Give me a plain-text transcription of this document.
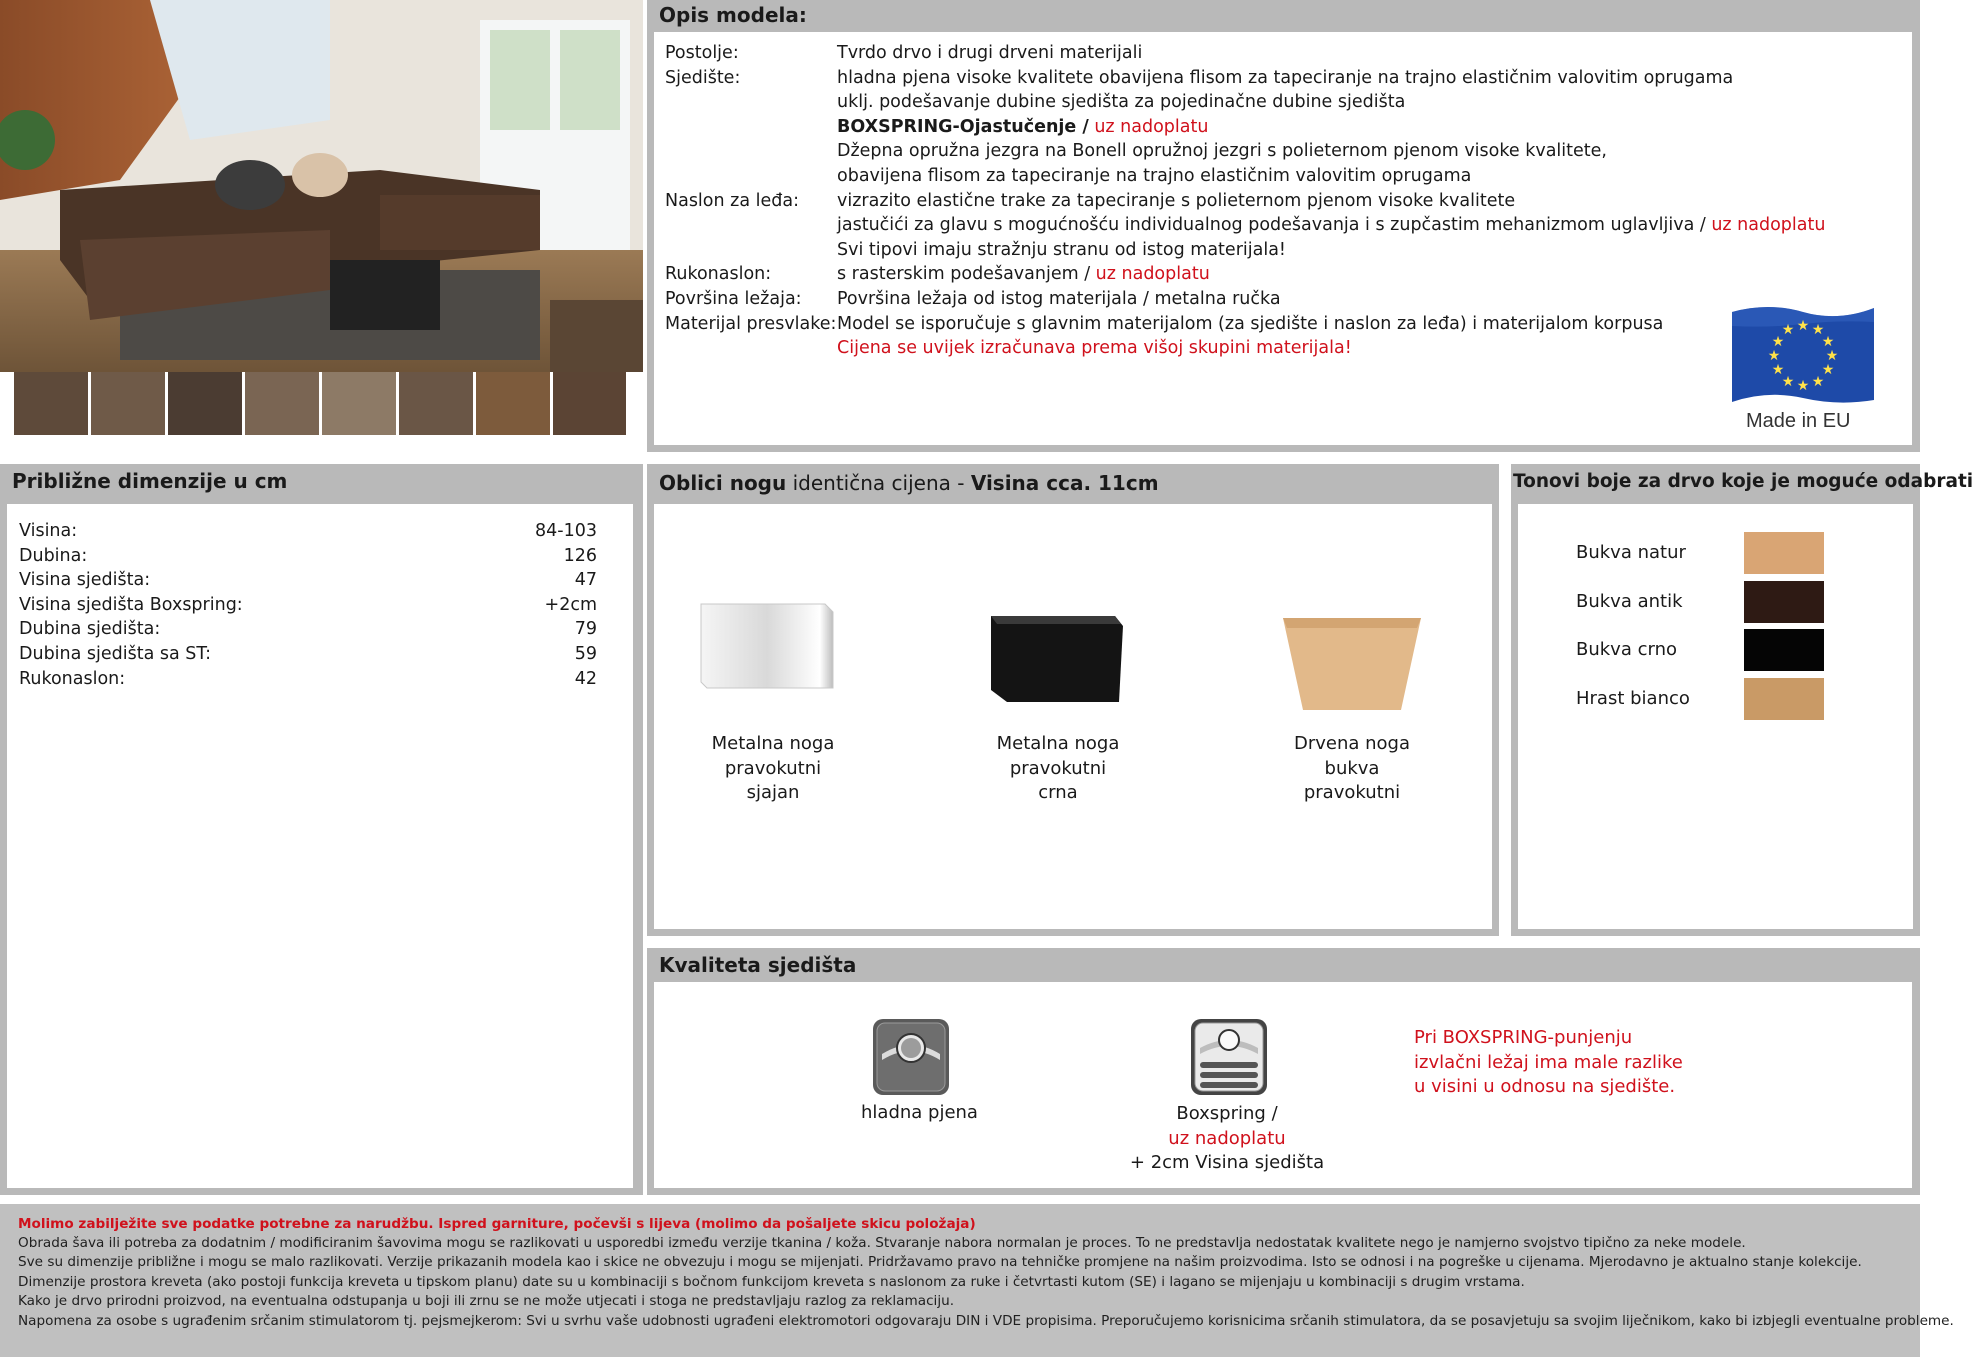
Opis modela:
Postolje:	Tvrdo drvo i drugi drveni materijali
Sjedište:	hladna pjena visoke kvalitete obavijena flisom za tapeciranje na trajno elastičnim valovitim oprugama
uklj. podešavanje dubine sjedišta za pojedinačne dubine sjedišta
BOXSPRING-Ojastučenje / uz nadoplatu
Džepna opružna jezgra na Bonell opružnoj jezgri s polieternom pjenom visoke kvalitete,
obavijena flisom za tapeciranje na trajno elastičnim valovitim oprugama
Naslon za leđa: vizrazito elastične trake za tapeciranje s polieternom pjenom visoke kvalitete
jastučići za glavu s mogućnošću individualnog podešavanja i s zupčastim mehanizmom uglavljiva / uz nadoplatu
Svi tipovi imaju stražnju stranu od istog materijala!
Rukonaslon:	s rasterskim podešavanjem / uz nadoplatu
Površina ležaja: Površina ležaja od istog materijala / metalna ručka
Materijal presvlake: Model se isporučuje s glavnim materijalom (za sjedište i naslon za leđa) i materijalom korpusa
Cijena se uvijek izračunava prema višoj skupini materijala!
★ ★
★
★
★
★
★
★
★
★
★
★
Made in EU
Približne dimenzije u cm
Visina:	84-103
Dubina:	126
Visina sjedišta:	47
Visina sjedišta Boxspring:	+2cm
Dubina sjedišta:	79
Dubina sjedišta sa ST:	59
Rukonaslon:	42
Oblici nogu identična cijena - Visina cca. 11cm
Metalna noga
pravokutni
sjajan
Metalna noga
pravokutni
crna
Drvena noga
bukva
pravokutni
Tonovi boje za drvo koje je moguće odabrati
Bukva natur
Bukva antik
Bukva crno
Hrast bianco
Kvaliteta sjedišta
hladna pjena	Boxspring /
uz nadoplatu
+ 2cm Visina sjedišta
Pri BOXSPRING-punjenju
izvlačni ležaj ima male razlike
u visini u odnosu na sjedište.
Molimo zabilježite sve podatke potrebne za narudžbu. Ispred garniture, počevši s lijeva (molimo da pošaljete skicu položaja)
Obrada šava ili potreba za dodatnim / modificiranim šavovima mogu se razlikovati u usporedbi između verzije tkanina / koža. Stvaranje nabora normalan je proces. To ne predstavlja nedostatak kvalitete nego je namjerno svojstvo tipično za neke modele.
Sve su dimenzije približne i mogu se malo razlikovati. Verzije prikazanih modela kao i skice ne obvezuju i mogu se mijenjati. Pridržavamo pravo na tehničke promjene na našim proizvodima. Isto se odnosi i na pogreške u cijenama. Mjerodavno je aktualno stanje kolekcije.
Dimenzije prostora kreveta (ako postoji funkcija kreveta u tipskom planu) date su u kombinaciji s bočnom funkcijom kreveta s naslonom za ruke i četvrtasti kutom (SE) i lagano se mijenjaju u kombinaciji s drugim vrstama.
Kako je drvo prirodni proizvod, na eventualna odstupanja u boji ili zrnu se ne može utjecati i stoga ne predstavljaju razlog za reklamaciju.
Napomena za osobe s ugrađenim srčanim stimulatorom tj. pejsmejkerom: Svi u svrhu vaše udobnosti ugrađeni elektromotori odgovaraju DIN i VDE propisima. Preporučujemo korisnicima srčanih stimulatora, da se posavjetuju sa svojim liječnikom, kako bi izbjegli eventualne probleme.
